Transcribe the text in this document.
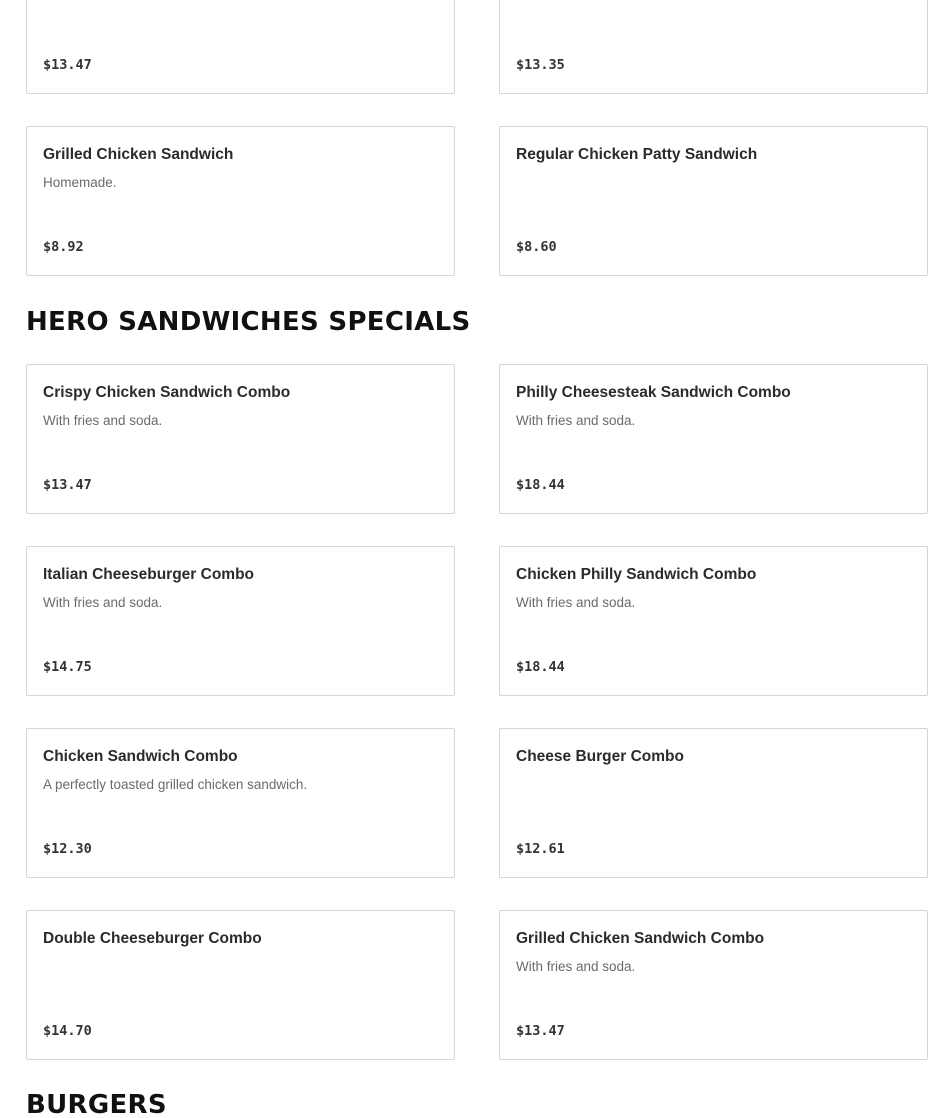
$13.47	$13.35
Grilled Chicken Sandwich
Homemade.
$8.92
Regular Chicken Patty Sandwich
$8.60
HERO SANDWICHES SPECIALS
Crispy Chicken Sandwich Combo
With fries and soda.
$13.47
Philly Cheesesteak Sandwich Combo
With fries and soda.
$18.44
Italian Cheeseburger Combo
With fries and soda.
$14.75
Chicken Philly Sandwich Combo
With fries and soda.
$18.44
Chicken Sandwich Combo
A perfectly toasted grilled chicken sandwich.
$12.30
Cheese Burger Combo
$12.61
Double Cheeseburger Combo
$14.70
Grilled Chicken Sandwich Combo
With fries and soda.
$13.47
BURGERS
